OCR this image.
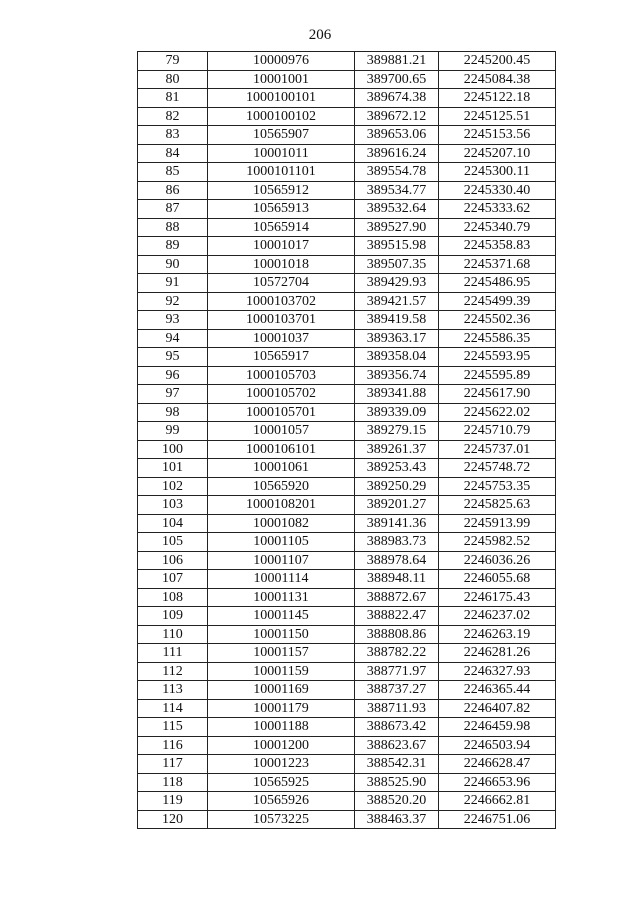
206
79	10000976	389881.21	2245200.45
80	10001001	389700.65	2245084.38
81	1000100101	389674.38	2245122.18
82	1000100102	389672.12	2245125.51
83	10565907	389653.06	2245153.56
84	10001011	389616.24	2245207.10
85	1000101101	389554.78	2245300.11
86	10565912	389534.77	2245330.40
87	10565913	389532.64	2245333.62
88	10565914	389527.90	2245340.79
89	10001017	389515.98	2245358.83
90	10001018	389507.35	2245371.68
91	10572704	389429.93	2245486.95
92	1000103702	389421.57	2245499.39
93	1000103701	389419.58	2245502.36
94	10001037	389363.17	2245586.35
95	10565917	389358.04	2245593.95
96	1000105703	389356.74	2245595.89
97	1000105702	389341.88	2245617.90
98	1000105701	389339.09	2245622.02
99	10001057	389279.15	2245710.79
100	1000106101	389261.37	2245737.01
101	10001061	389253.43	2245748.72
102	10565920	389250.29	2245753.35
103	1000108201	389201.27	2245825.63
104	10001082	389141.36	2245913.99
105	10001105	388983.73	2245982.52
106	10001107	388978.64	2246036.26
107	10001114	388948.11	2246055.68
108	10001131	388872.67	2246175.43
109	10001145	388822.47	2246237.02
110	10001150	388808.86	2246263.19
111	10001157	388782.22	2246281.26
112	10001159	388771.97	2246327.93
113	10001169	388737.27	2246365.44
114	10001179	388711.93	2246407.82
115	10001188	388673.42	2246459.98
116	10001200	388623.67	2246503.94
117	10001223	388542.31	2246628.47
118	10565925	388525.90	2246653.96
119	10565926	388520.20	2246662.81
120	10573225	388463.37	2246751.06
